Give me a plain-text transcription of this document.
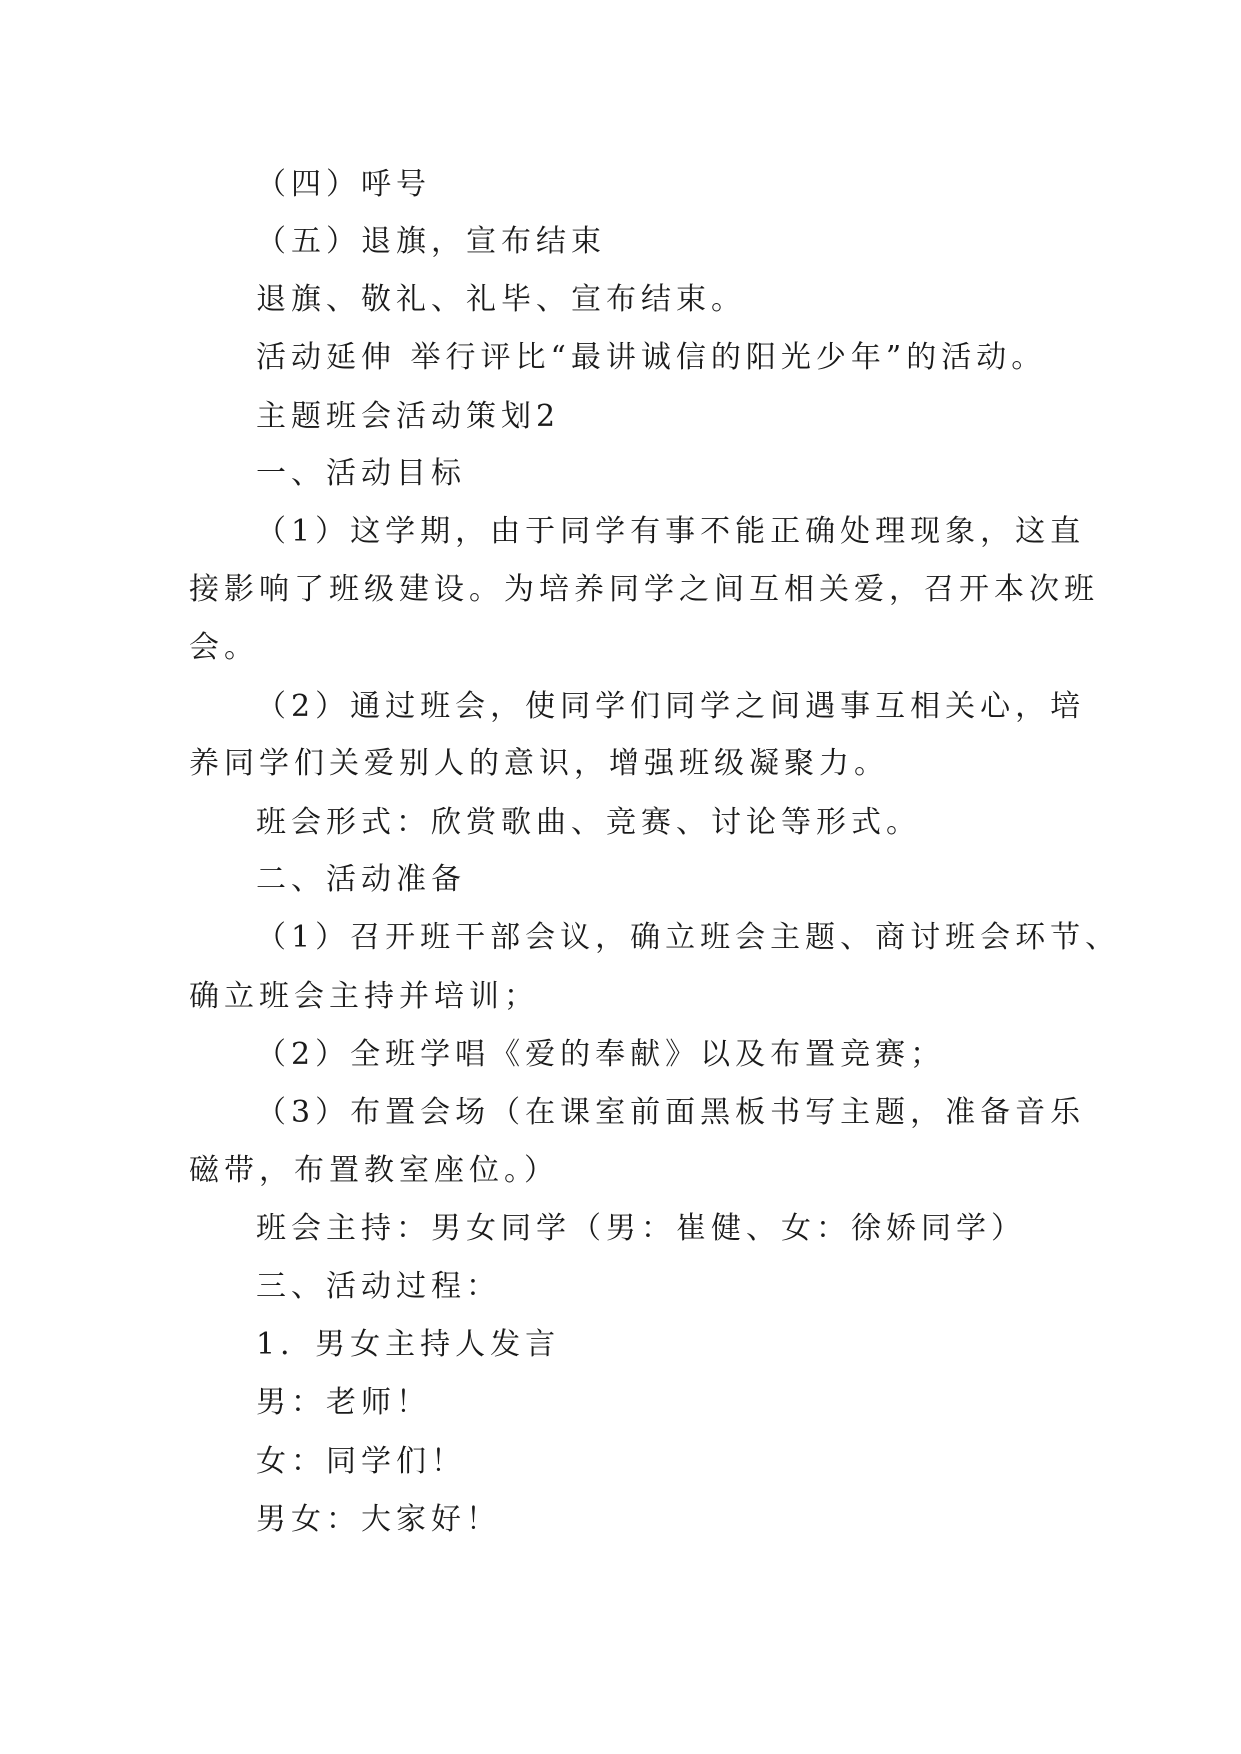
（四）呼号
（五）退旗，宣布结束
退旗、敬礼、礼毕、宣布结束。
活动延伸 举行评比“最讲诚信的阳光少年”的活动。
主题班会活动策划2
一、活动目标
（1）这学期，由于同学有事不能正确处理现象，这直
接影响了班级建设。为培养同学之间互相关爱，召开本次班
会。
（2）通过班会，使同学们同学之间遇事互相关心，培
养同学们关爱别人的意识，增强班级凝聚力。
班会形式：欣赏歌曲、竞赛、讨论等形式。
二、活动准备
（1）召开班干部会议，确立班会主题、商讨班会环节、
确立班会主持并培训；
（2）全班学唱《爱的奉献》以及布置竞赛；
（3）布置会场（在课室前面黑板书写主题，准备音乐
磁带，布置教室座位。）
班会主持：男女同学（男：崔健、女：徐娇同学）
三、活动过程：
1．男女主持人发言
男：老师！
女：同学们！
男女：大家好！
